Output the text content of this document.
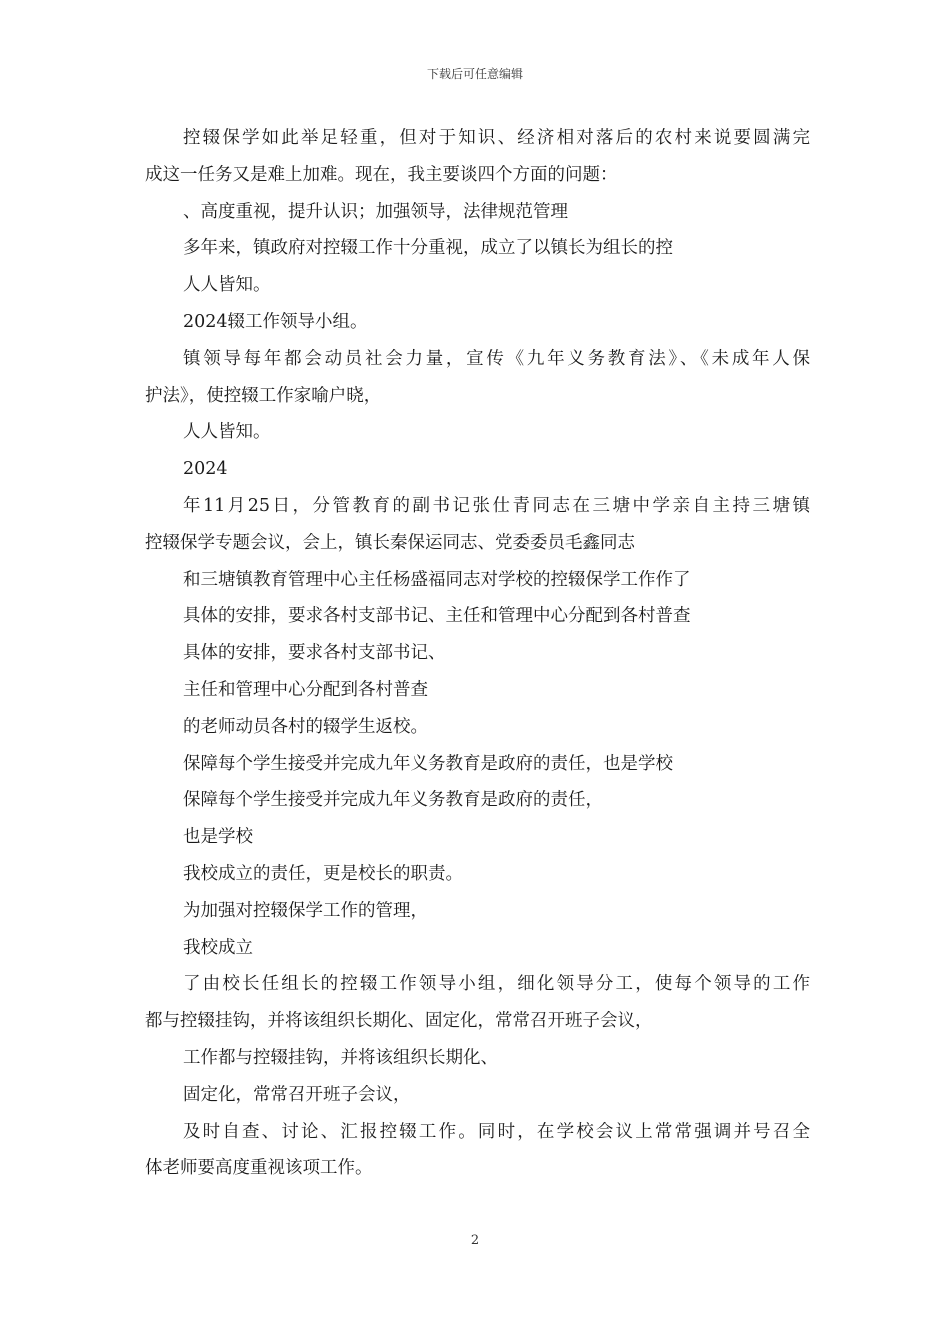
下载后可任意编辑
控辍保学如此举足轻重，但对于知识、经济相对落后的农村来说要圆满完
成这一任务又是难上加难。现在，我主要谈四个方面的问题：
、高度重视，提升认识；加强领导，法律规范管理
多年来，镇政府对控辍工作十分重视，成立了以镇长为组长的控
人人皆知。
2024辍工作领导小组。
镇领导每年都会动员社会力量，宣传《九年义务教育法》、《未成年人保
护法》，使控辍工作家喻户晓，
人人皆知。
2024
年11月25日，分管教育的副书记张仕青同志在三塘中学亲自主持三塘镇
控辍保学专题会议，会上，镇长秦保运同志、党委委员毛鑫同志
和三塘镇教育管理中心主任杨盛福同志对学校的控辍保学工作作了
具体的安排，要求各村支部书记、主任和管理中心分配到各村普查
具体的安排，要求各村支部书记、
主任和管理中心分配到各村普查
的老师动员各村的辍学生返校。
保障每个学生接受并完成九年义务教育是政府的责任，也是学校
保障每个学生接受并完成九年义务教育是政府的责任，
也是学校
我校成立的责任，更是校长的职责。
为加强对控辍保学工作的管理，
我校成立
了由校长任组长的控辍工作领导小组，细化领导分工，使每个领导的工作
都与控辍挂钩，并将该组织长期化、固定化，常常召开班子会议，
工作都与控辍挂钩，并将该组织长期化、
固定化，常常召开班子会议，
及时自查、讨论、汇报控辍工作。同时，在学校会议上常常强调并号召全
体老师要高度重视该项工作。
2
